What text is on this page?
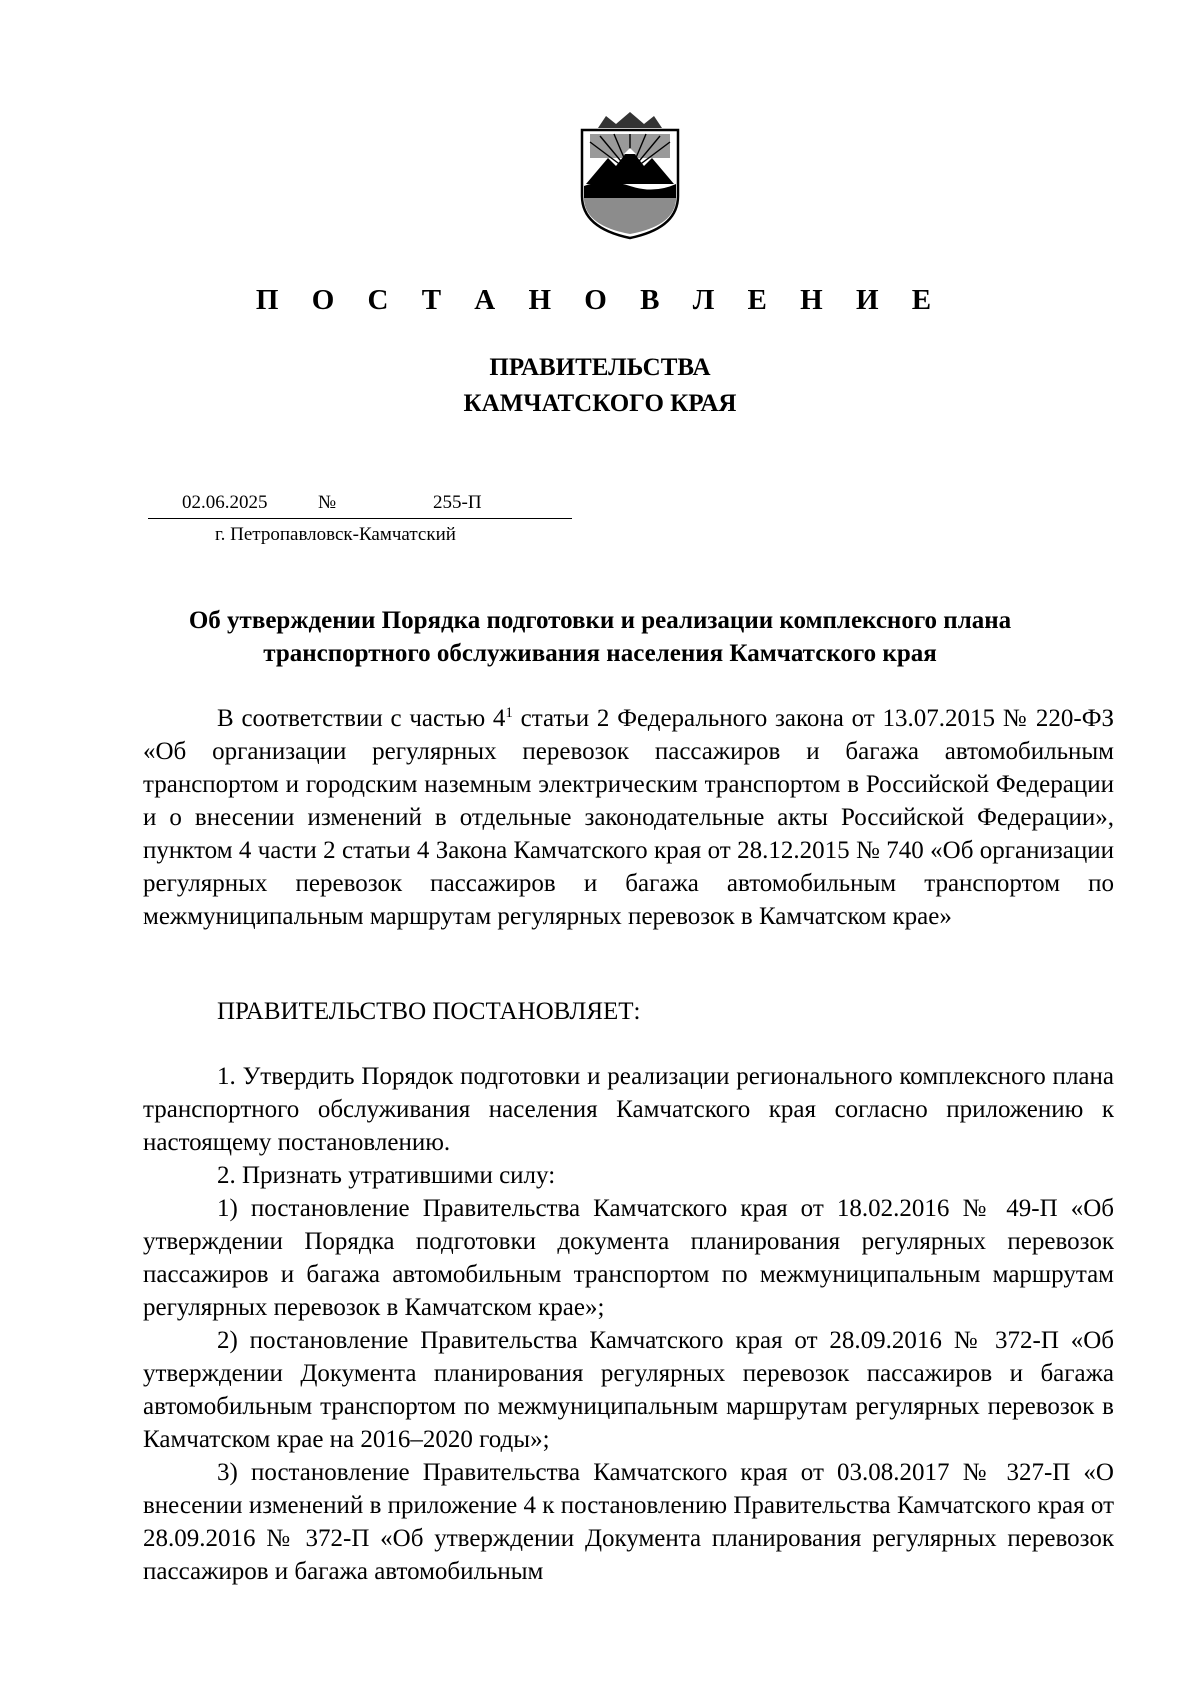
П О С Т А Н О В Л Е Н И Е
ПРАВИТЕЛЬСТВА
КАМЧАТСКОГО КРАЯ
02.06.2025	№	255-П
г. Петропавловск-Камчатский
Об утверждении Порядка подготовки и реализации комплексного плана
транспортного обслуживания населения Камчатского края

В соответствии с частью $4^1$ статьи 2 Федерального закона от 13.07.2015 № 220-ФЗ «Об организации регулярных перевозок пассажиров и багажа автомобильным транспортом и городским наземным электрическим транспортом в Российской Федерации и о внесении изменений в отдельные законодательные акты Российской Федерации», пунктом 4 части 2 статьи 4 Закона Камчатского края от 28.12.2015 № 740 «Об организации регулярных перевозок пассажиров и багажа автомобильным транспортом по межмуниципальным маршрутам регулярных перевозок в Камчатском крае»

ПРАВИТЕЛЬСТВО ПОСТАНОВЛЯЕТ:

1. Утвердить Порядок подготовки и реализации регионального комплексного плана транспортного обслуживания населения Камчатского края согласно приложению к настоящему постановлению.

2. Признать утратившими силу:

1) постановление Правительства Камчатского края от 18.02.2016 № 49-П «Об утверждении Порядка подготовки документа планирования регулярных перевозок пассажиров и багажа автомобильным транспортом по межмуниципальным маршрутам регулярных перевозок в Камчатском крае»;

2) постановление Правительства Камчатского края от 28.09.2016 № 372-П «Об утверждении Документа планирования регулярных перевозок пассажиров и багажа автомобильным транспортом по межмуниципальным маршрутам регулярных перевозок в Камчатском крае на 2016–2020 годы»;

3) постановление Правительства Камчатского края от 03.08.2017 № 327-П «О внесении изменений в приложение 4 к постановлению Правительства Камчатского края от 28.09.2016 № 372-П «Об утверждении Документа планирования регулярных перевозок пассажиров и багажа автомобильным
